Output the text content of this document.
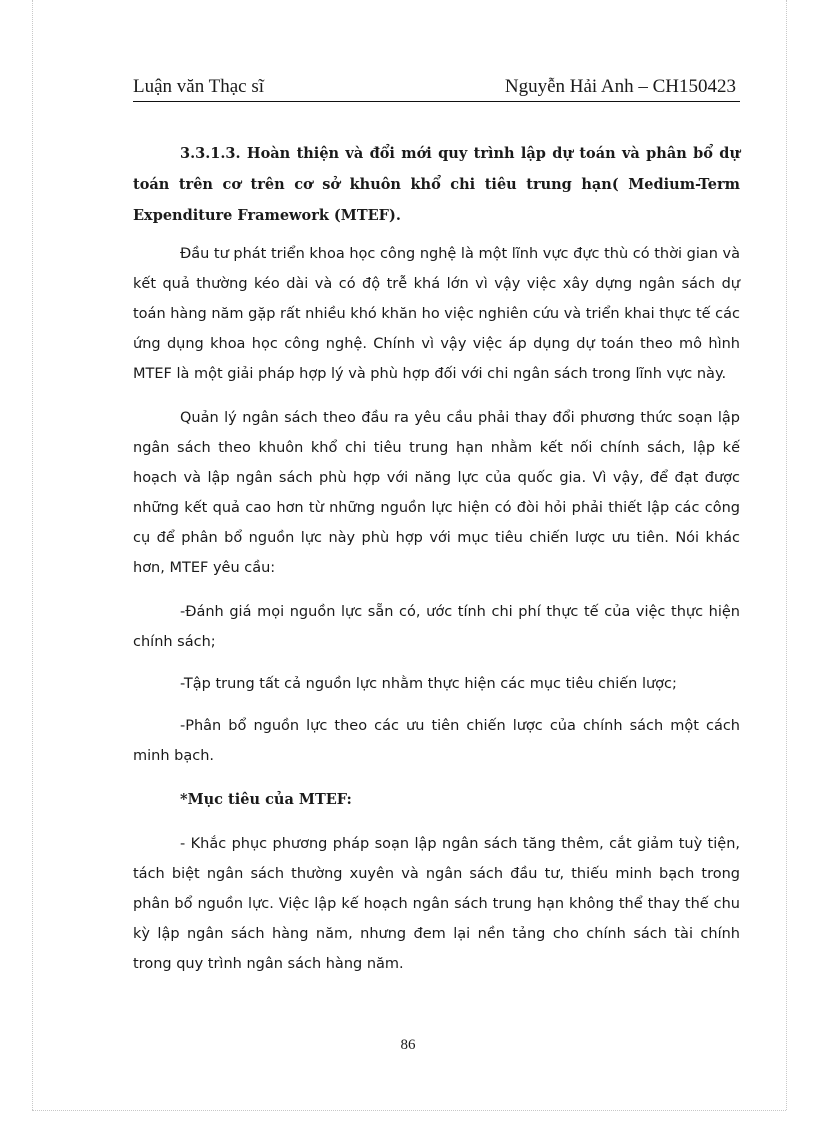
Luận văn Thạc sĩ	Nguyễn Hải Anh – CH150423

3.3.1.3. Hoàn thiện và đổi mới quy trình lập dự toán và phân bổ dự toán trên cơ trên cơ sở khuôn khổ chi tiêu trung hạn( Medium-Term Expenditure Framework (MTEF).

Đầu tư phát triển khoa học công nghệ là một lĩnh vực đực thù có thời gian và kết quả thường kéo dài và có độ trễ khá lớn vì vậy việc xây dựng ngân sách dự toán hàng năm gặp rất nhiều khó khăn ho việc nghiên cứu và triển khai thực tế các ứng dụng khoa học công nghệ. Chính vì vậy việc áp dụng dự toán theo mô hình MTEF là một giải pháp hợp lý và phù hợp đối với chi ngân sách trong lĩnh vực này.

Quản lý ngân sách theo đầu ra yêu cầu phải thay đổi phương thức soạn lập ngân sách theo khuôn khổ chi tiêu trung hạn nhằm kết nối chính sách, lập kế hoạch và lập ngân sách phù hợp với năng lực của quốc gia. Vì vậy, để đạt được những kết quả cao hơn từ những nguồn lực hiện có đòi hỏi phải thiết lập các công cụ để phân bổ nguồn lực này phù hợp với mục tiêu chiến lược ưu tiên. Nói khác hơn, MTEF yêu cầu:

-Đánh giá mọi nguồn lực sẵn có, ước tính chi phí thực tế của việc thực hiện chính sách;

-Tập trung tất cả nguồn lực nhằm thực hiện các mục tiêu chiến lược;

-Phân bổ nguồn lực theo các ưu tiên chiến lược của chính sách một cách minh bạch.

*Mục tiêu của MTEF:

- Khắc phục phương pháp soạn lập ngân sách tăng thêm, cắt giảm tuỳ tiện, tách biệt ngân sách thường xuyên và ngân sách đầu tư, thiếu minh bạch trong phân bổ nguồn lực. Việc lập kế hoạch ngân sách trung hạn không thể thay thế chu kỳ lập ngân sách hàng năm, nhưng đem lại nền tảng cho chính sách tài chính trong quy trình ngân sách hàng năm.

86
